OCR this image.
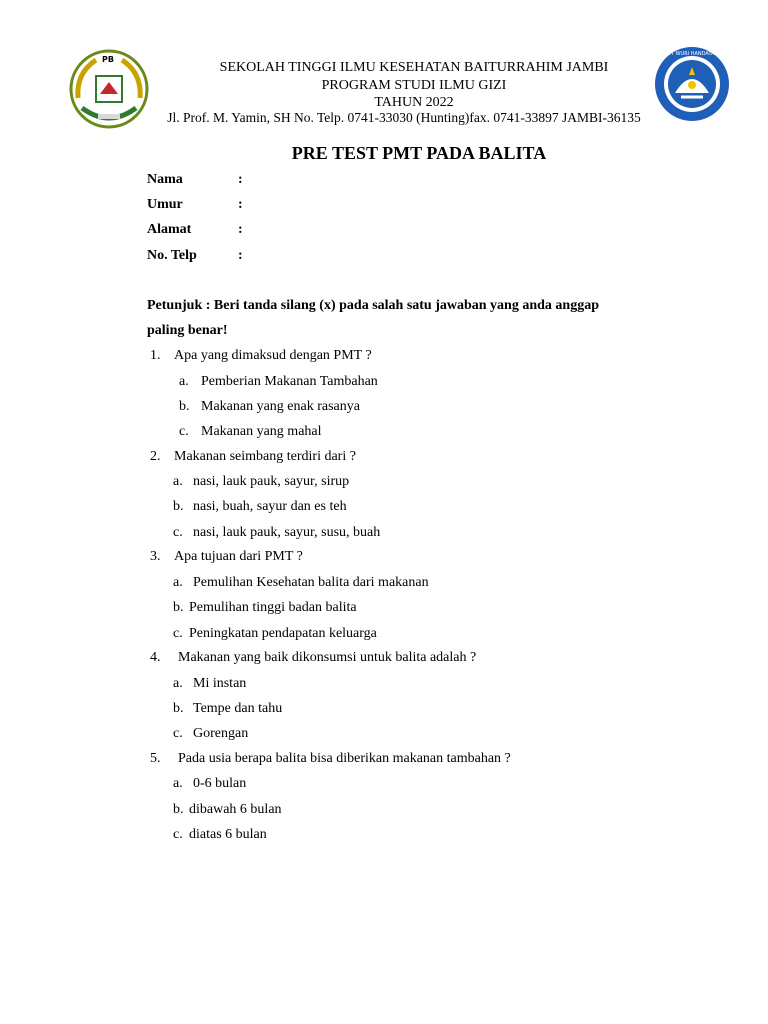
PB
TUT WURI HANDAYANI
SEKOLAH TINGGI ILMU KESEHATAN BAITURRAHIM JAMBI
PROGRAM STUDI ILMU GIZI
TAHUN 2022
Jl. Prof. M. Yamin, SH No. Telp. 0741-33030 (Hunting)fax. 0741-33897 JAMBI-36135
PRE TEST PMT PADA BALITA
Nama	:
Umur	:
Alamat	:
No. Telp	:
Petunjuk : Beri tanda silang (x) pada salah satu jawaban yang anda anggap
paling benar!
1. Apa yang dimaksud dengan PMT ?
a. Pemberian Makanan Tambahan
b. Makanan yang enak rasanya
c. Makanan yang mahal
2. Makanan seimbang terdiri dari ?
a. nasi, lauk pauk, sayur, sirup
b. nasi, buah, sayur dan es teh
c. nasi, lauk pauk, sayur, susu, buah
3. Apa tujuan dari PMT ?
a. Pemulihan Kesehatan balita dari makanan
b. Pemulihan tinggi badan balita
c. Peningkatan pendapatan keluarga
4. Makanan yang baik dikonsumsi untuk balita adalah ?
a. Mi instan
b. Tempe dan tahu
c. Gorengan
5. Pada usia berapa balita bisa diberikan makanan tambahan ?
a. 0-6 bulan
b. dibawah 6 bulan
c. diatas 6 bulan
